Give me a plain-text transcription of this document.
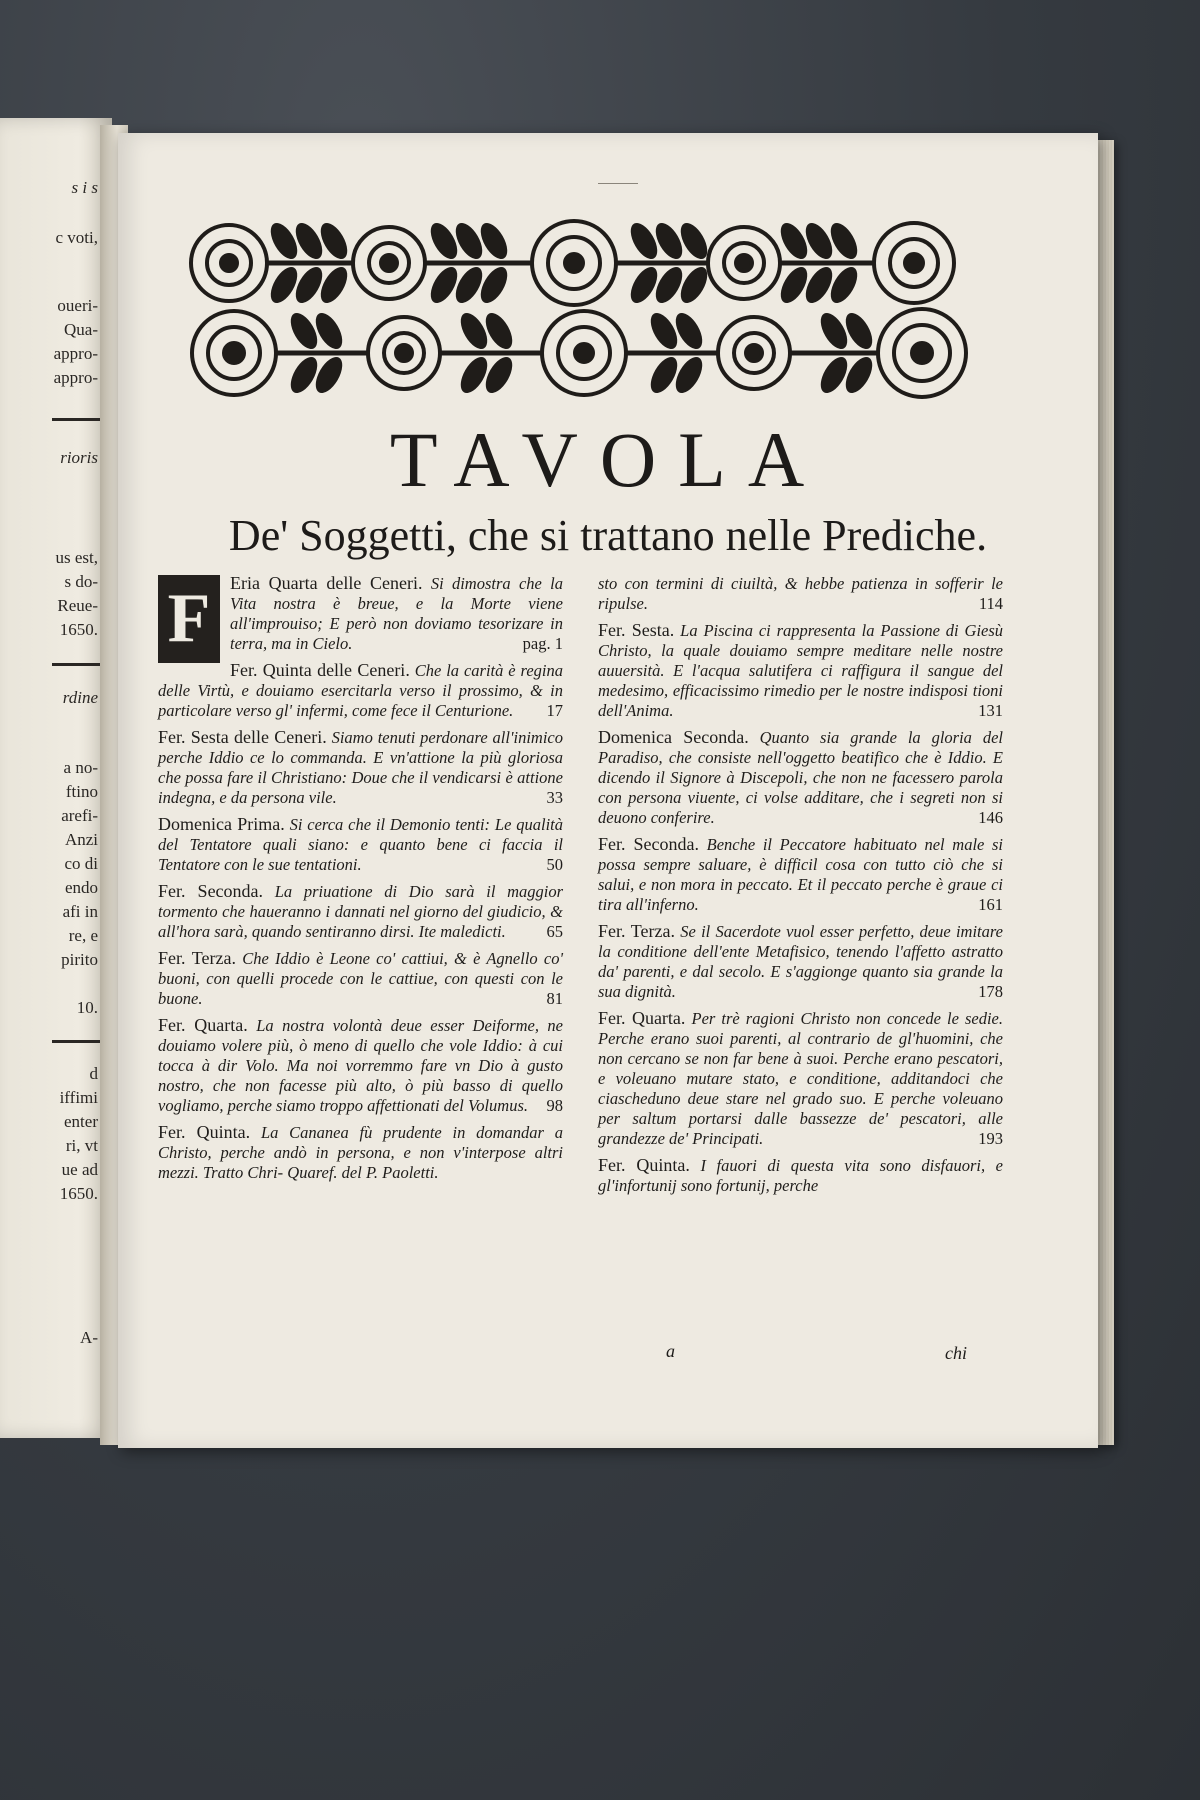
s i s
c voti,
oueri-
Qua-
appro-
appro-
rioris
us est,
s do-
Reue-
1650.
rdine
a no-
ftino
arefi-
Anzi
co di
endo
afi in
re, e
pirito
10.
d
iffimi
enter
ri, vt
ue ad
1650.
A-
TAVOLA
De' Soggetti, che si trattano nelle Prediche.

F	Eria Quarta delle Ceneri. Si dimostra che la Vita nostra è breue, e la Morte viene all'improuiso; E però non doviamo tesorizare in terra, ma in Cielo.	pag. 1

Fer. Quinta delle Ceneri. Che la carità è regina delle Virtù, e douiamo esercitarla verso il prossimo, & in particolare verso gl' infermi, come fece il Centurione. 17

Fer. Sesta delle Ceneri. Siamo tenuti perdonare all'inimico perche Iddio ce lo commanda. E vn'attione la più gloriosa che possa fare il Christiano: Doue che il vendicarsi è attione indegna, e da persona vile.	33

Domenica Prima. Si cerca che il Demonio tenti: Le qualità del Tentatore quali siano: e quanto bene ci faccia il Tentatore con le sue tentationi.	50

Fer. Seconda. La priuatione di Dio sarà il maggior tormento che haueranno i dannati nel giorno del giudicio, & all'hora sarà, quando sentiranno dirsi. Ite maledicti. 65

Fer. Terza. Che Iddio è Leone co' cattiui, & è Agnello co' buoni, con quelli procede con le cattiue, con questi con le buone.	81

Fer. Quarta. La nostra volontà deue esser Deiforme, ne douiamo volere più, ò meno di quello che vole Iddio: à cui tocca à dir Volo. Ma noi vorremmo fare vn Dio à gusto nostro, che non facesse più alto, ò più basso di quello vogliamo, perche siamo troppo affettionati del Volumus. 98

Fer. Quinta. La Cananea fù prudente in domandar a Christo, perche andò in persona, e non v'interpose altri mezzi. Tratto Chri- Quaref. del P. Paoletti.

sto con termini di ciuiltà, & hebbe patienza in sofferir le ripulse.	114

Fer. Sesta. La Piscina ci rappresenta la Passione di Giesù Christo, la quale douiamo sempre meditare nelle nostre auuersità. E l'acqua salutifera ci raffigura il sangue del medesimo, efficacissimo rimedio per le nostre indisposi tioni dell'Anima.	131

Domenica Seconda. Quanto sia grande la gloria del Paradiso, che consiste nell'oggetto beatifico che è Iddio. E dicendo il Signore à Discepoli, che non ne facessero parola con persona viuente, ci volse additare, che i segreti non si deuono conferire.	146

Fer. Seconda. Benche il Peccatore habituato nel male si possa sempre saluare, è difficil cosa con tutto ciò che si salui, e non mora in peccato. Et il peccato perche è graue ci tira all'inferno.	161

Fer. Terza. Se il Sacerdote vuol esser perfetto, deue imitare la conditione dell'ente Metafisico, tenendo l'affetto astratto da' parenti, e dal secolo. E s'aggionge quanto sia grande la sua dignità.	178

Fer. Quarta. Per trè ragioni Christo non concede le sedie. Perche erano suoi parenti, al contrario de gl'huomini, che non cercano se non far bene à suoi. Perche erano pescatori, e voleuano mutare stato, e conditione, additandoci che ciascheduno deue stare nel grado suo. E perche voleuano per saltum portarsi dalle bassezze de' pescatori, alle grandezze de' Principati.	193

Fer. Quinta. I fauori di questa vita sono disfauori, e gl'infortunij sono fortunij, perche

a	chi
